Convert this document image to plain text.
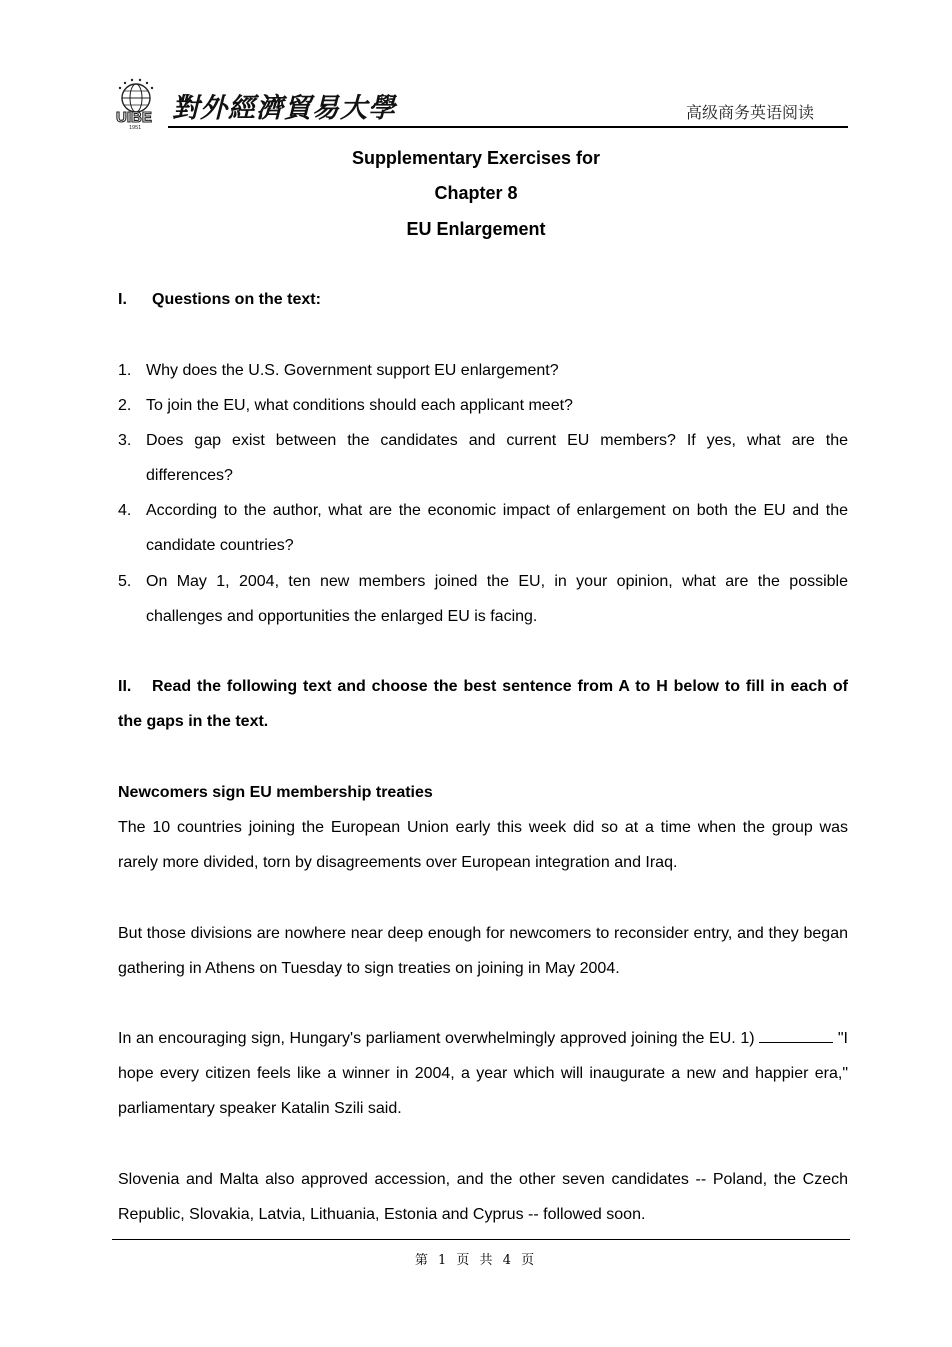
UIBE
1951
對外經濟貿易大學	高级商务英语阅读
Supplementary Exercises for
Chapter 8
EU Enlargement
I. Questions on the text:
1. Why does the U.S. Government support EU enlargement?
2. To join the EU, what conditions should each applicant meet?
3. Does gap exist between the candidates and current EU members? If yes, what are the differences?
4. According to the author, what are the economic impact of enlargement on both the EU and the candidate countries?
5. On May 1, 2004, ten new members joined the EU, in your opinion, what are the possible challenges and opportunities the enlarged EU is facing.
II. Read the following text and choose the best sentence from A to H below to fill in each of the gaps in the text.
Newcomers sign EU membership treaties
The 10 countries joining the European Union early this week did so at a time when the group was rarely more divided, torn by disagreements over European integration and Iraq.
But those divisions are nowhere near deep enough for newcomers to reconsider entry, and they began gathering in Athens on Tuesday to sign treaties on joining in May 2004.
In an encouraging sign, Hungary's parliament overwhelmingly approved joining the EU. 1)	"I hope every citizen feels like a winner in 2004, a year which will inaugurate a new and happier era," parliamentary speaker Katalin Szili said.
Slovenia and Malta also approved accession, and the other seven candidates -- Poland, the Czech Republic, Slovakia, Latvia, Lithuania, Estonia and Cyprus -- followed soon.
第 1 页 共 4 页
